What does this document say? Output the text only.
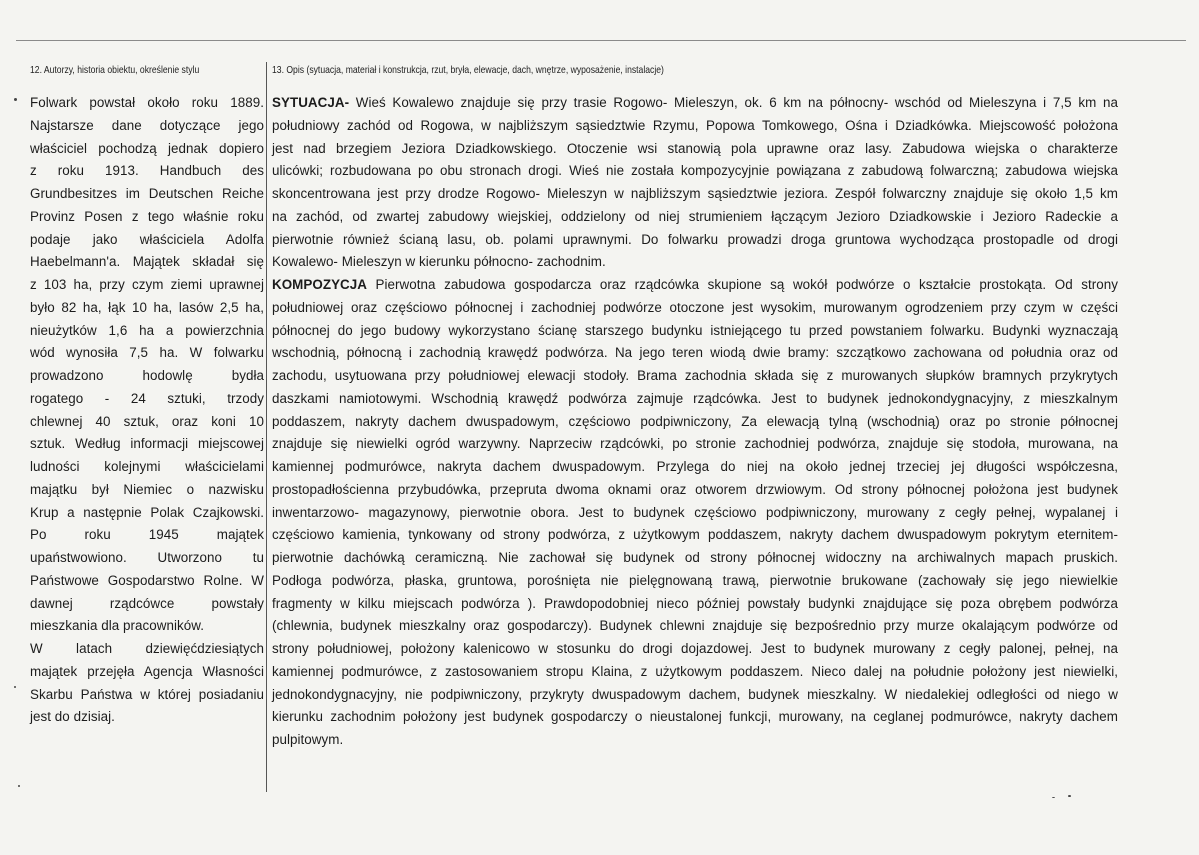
12. Autorzy, historia obiektu, określenie stylu	13. Opis (sytuacja, materiał i konstrukcja, rzut, bryła, elewacje, dach, wnętrze, wyposażenie, instalacje)
Folwark powstał około roku 1889.
Najstarsze dane dotyczące jego
właściciel pochodzą jednak dopiero
z roku 1913. Handbuch des
Grundbesitzes im Deutschen Reiche
Provinz Posen z tego właśnie roku
podaje jako właściciela Adolfa
Haebelmann'a. Majątek składał się
z 103 ha, przy czym ziemi uprawnej
było 82 ha, łąk 10 ha, lasów 2,5 ha,
nieużytków 1,6 ha a powierzchnia
wód wynosiła 7,5 ha. W folwarku
prowadzono hodowlę bydła
rogatego - 24 sztuki, trzody
chlewnej 40 sztuk, oraz koni 10
sztuk. Według informacji miejscowej
ludności kolejnymi właścicielami
majątku był Niemiec o nazwisku
Krup a następnie Polak Czajkowski.
Po roku 1945 majątek
upaństwowiono. Utworzono tu
Państwowe Gospodarstwo Rolne. W
dawnej rządcówce powstały
mieszkania dla pracowników.
W latach dziewięćdziesiątych
majątek przejęła Agencja Własności
Skarbu Państwa w której posiadaniu
jest do dzisiaj.
SYTUACJA- Wieś Kowalewo znajduje się przy trasie Rogowo- Mieleszyn, ok. 6 km na północny- wschód od Mieleszyna i 7,5 km na
południowy zachód od Rogowa, w najbliższym sąsiedztwie Rzymu, Popowa Tomkowego, Ośna i Dziadkówka. Miejscowość położona
jest nad brzegiem Jeziora Dziadkowskiego. Otoczenie wsi stanowią pola uprawne oraz lasy. Zabudowa wiejska o charakterze
ulicówki; rozbudowana po obu stronach drogi. Wieś nie została kompozycyjnie powiązana z zabudową folwarczną; zabudowa wiejska
skoncentrowana jest przy drodze Rogowo- Mieleszyn w najbliższym sąsiedztwie jeziora. Zespół folwarczny znajduje się około 1,5 km
na zachód, od zwartej zabudowy wiejskiej, oddzielony od niej strumieniem łączącym Jezioro Dziadkowskie i Jezioro Radeckie a
pierwotnie również ścianą lasu, ob. polami uprawnymi. Do folwarku prowadzi droga gruntowa wychodząca prostopadle od drogi
Kowalewo- Mieleszyn w kierunku północno- zachodnim.
KOMPOZYCJA Pierwotna zabudowa gospodarcza oraz rządcówka skupione są wokół podwórze o kształcie prostokąta. Od strony
południowej oraz częściowo północnej i zachodniej podwórze otoczone jest wysokim, murowanym ogrodzeniem przy czym w części
północnej do jego budowy wykorzystano ścianę starszego budynku istniejącego tu przed powstaniem folwarku. Budynki wyznaczają
wschodnią, północną i zachodnią krawędź podwórza. Na jego teren wiodą dwie bramy: szczątkowo zachowana od południa oraz od
zachodu, usytuowana przy południowej elewacji stodoły. Brama zachodnia składa się z murowanych słupków bramnych przykrytych
daszkami namiotowymi. Wschodnią krawędź podwórza zajmuje rządcówka. Jest to budynek jednokondygnacyjny, z mieszkalnym
poddaszem, nakryty dachem dwuspadowym, częściowo podpiwniczony, Za elewacją tylną (wschodnią) oraz po stronie północnej
znajduje się niewielki ogród warzywny. Naprzeciw rządcówki, po stronie zachodniej podwórza, znajduje się stodoła, murowana, na
kamiennej podmurówce, nakryta dachem dwuspadowym. Przylega do niej na około jednej trzeciej jej długości współczesna,
prostopadłościenna przybudówka, przeprutа dwoma oknami oraz otworem drzwiowym. Od strony północnej położona jest budynek
inwentarzowo- magazynowy, pierwotnie obora. Jest to budynek częściowo podpiwniczony, murowany z cegły pełnej, wypalanej i
częściowo kamienia, tynkowany od strony podwórza, z użytkowym poddaszem, nakryty dachem dwuspadowym pokrytym eternitem-
pierwotnie dachówką ceramiczną. Nie zachował się budynek od strony północnej widoczny na archiwalnych mapach pruskich.
Podłoga podwórza, płaska, gruntowa, porośnięta nie pielęgnowaną trawą, pierwotnie brukowane (zachowały się jego niewielkie
fragmenty w kilku miejscach podwórza ). Prawdopodobniej nieco później powstały budynki znajdujące się poza obrębem podwórza
(chlewnia, budynek mieszkalny oraz gospodarczy). Budynek chlewni znajduje się bezpośrednio przy murze okalającym podwórze od
strony południowej, położony kalenicowo w stosunku do drogi dojazdowej. Jest to budynek murowany z cegły palonej, pełnej, na
kamiennej podmurówce, z zastosowaniem stropu Klaina, z użytkowym poddaszem. Nieco dalej na południe położony jest niewielki,
jednokondygnacyjny, nie podpiwniczony, przykryty dwuspadowym dachem, budynek mieszkalny. W niedalekiej odległości od niego w
kierunku zachodnim położony jest budynek gospodarczy o nieustalonej funkcji, murowany, na ceglanej podmurówce, nakryty dachem
pulpitowym.
